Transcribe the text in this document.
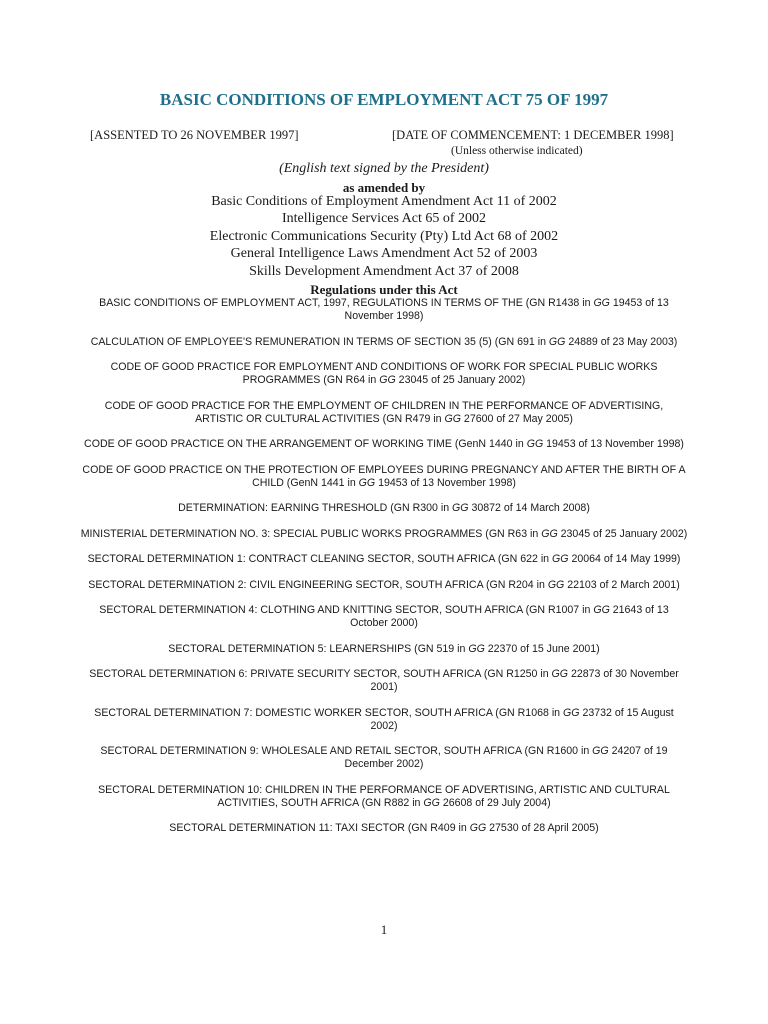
BASIC CONDITIONS OF EMPLOYMENT ACT 75 OF 1997
[ASSENTED TO 26 NOVEMBER 1997]	[DATE OF COMMENCEMENT: 1 DECEMBER 1998]
(Unless otherwise indicated)
(English text signed by the President)
as amended by
Basic Conditions of Employment Amendment Act 11 of 2002
Intelligence Services Act 65 of 2002
Electronic Communications Security (Pty) Ltd Act 68 of 2002
General Intelligence Laws Amendment Act 52 of 2003
Skills Development Amendment Act 37 of 2008
Regulations under this Act
BASIC CONDITIONS OF EMPLOYMENT ACT, 1997, REGULATIONS IN TERMS OF THE (GN R1438 in GG 19453 of 13 November 1998)
CALCULATION OF EMPLOYEE'S REMUNERATION IN TERMS OF SECTION 35 (5) (GN 691 in GG 24889 of 23 May 2003)
CODE OF GOOD PRACTICE FOR EMPLOYMENT AND CONDITIONS OF WORK FOR SPECIAL PUBLIC WORKS PROGRAMMES (GN R64 in GG 23045 of 25 January 2002)
CODE OF GOOD PRACTICE FOR THE EMPLOYMENT OF CHILDREN IN THE PERFORMANCE OF ADVERTISING, ARTISTIC OR CULTURAL ACTIVITIES (GN R479 in GG 27600 of 27 May 2005)
CODE OF GOOD PRACTICE ON THE ARRANGEMENT OF WORKING TIME (GenN 1440 in GG 19453 of 13 November 1998)
CODE OF GOOD PRACTICE ON THE PROTECTION OF EMPLOYEES DURING PREGNANCY AND AFTER THE BIRTH OF A CHILD (GenN 1441 in GG 19453 of 13 November 1998)
DETERMINATION: EARNING THRESHOLD (GN R300 in GG 30872 of 14 March 2008)
MINISTERIAL DETERMINATION NO. 3: SPECIAL PUBLIC WORKS PROGRAMMES (GN R63 in GG 23045 of 25 January 2002)
SECTORAL DETERMINATION 1: CONTRACT CLEANING SECTOR, SOUTH AFRICA (GN 622 in GG 20064 of 14 May 1999)
SECTORAL DETERMINATION 2: CIVIL ENGINEERING SECTOR, SOUTH AFRICA (GN R204 in GG 22103 of 2 March 2001)
SECTORAL DETERMINATION 4: CLOTHING AND KNITTING SECTOR, SOUTH AFRICA (GN R1007 in GG 21643 of 13 October 2000)
SECTORAL DETERMINATION 5: LEARNERSHIPS (GN 519 in GG 22370 of 15 June 2001)
SECTORAL DETERMINATION 6: PRIVATE SECURITY SECTOR, SOUTH AFRICA (GN R1250 in GG 22873 of 30 November 2001)
SECTORAL DETERMINATION 7: DOMESTIC WORKER SECTOR, SOUTH AFRICA (GN R1068 in GG 23732 of 15 August 2002)
SECTORAL DETERMINATION 9: WHOLESALE AND RETAIL SECTOR, SOUTH AFRICA (GN R1600 in GG 24207 of 19 December 2002)
SECTORAL DETERMINATION 10: CHILDREN IN THE PERFORMANCE OF ADVERTISING, ARTISTIC AND CULTURAL ACTIVITIES, SOUTH AFRICA (GN R882 in GG 26608 of 29 July 2004)
SECTORAL DETERMINATION 11: TAXI SECTOR (GN R409 in GG 27530 of 28 April 2005)
1
